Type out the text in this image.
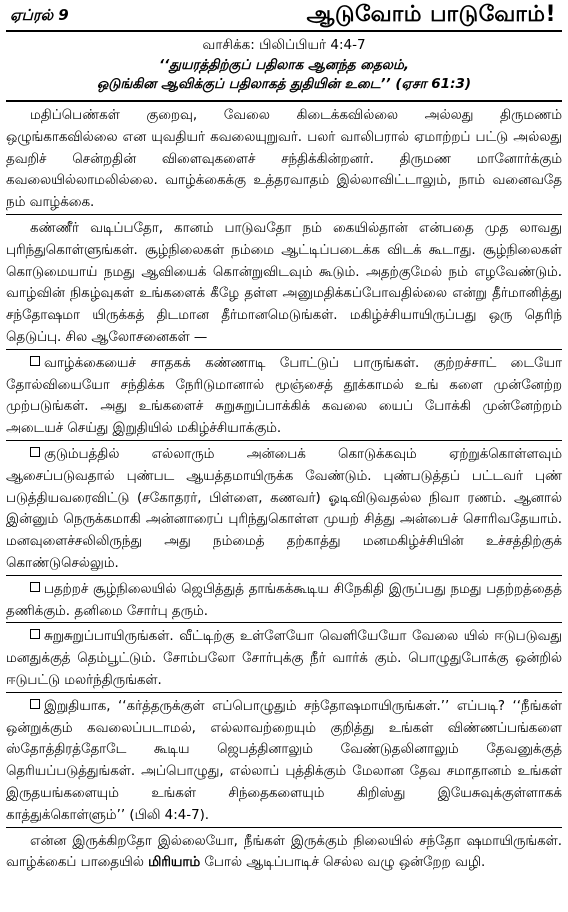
ஏப்ரல் 9	ஆடுவோம் பாடுவோம்!
வாசிக்க: பிலிப்பியர் 4:4-7
‘‘துயரத்திற்குப் பதிலாக ஆனந்த தைலம்,
ஒடுங்கின ஆவிக்குப் பதிலாகத் துதியின் உடை’’ (ஏசா 61:3)

மதிப்பெண்கள் குறைவு, வேலை கிடைக்கவில்லை அல்லது திருமணம் ஒழுங்காகவில்லை என யுவதியர் கவலையுறுவர். பலர் வாலிபரால் ஏமாற்றப் பட்டு அல்லது தவறிச் சென்றதின் விளைவுகளைச் சந்திக்கின்றனர். திருமண மானோர்க்கும் கவலையில்லாமலில்லை. வாழ்க்கைக்கு உத்தரவாதம் இல்லாவிட்டாலும், நாம் வனைவதே நம் வாழ்க்கை.

கண்ணீர் வடிப்பதோ, கானம் பாடுவதோ நம் கையில்தான் என்பதை முத லாவது புரிந்துகொள்ளுங்கள். சூழ்நிலைகள் நம்மை ஆட்டிப்படைக்க விடக் கூடாது. சூழ்நிலைகள் கொடுமையாய் நமது ஆவியைக் கொன்றுவிடவும் கூடும். அதற்குமேல் நம் எழவேண்டும். வாழ்வின் நிகழ்வுகள் உங்களைக் கீழே தள்ள அனுமதிக்கப்போவதில்லை என்று தீர்மானித்து சந்தோஷமா யிருக்கத் திடமான தீர்மானமெடுங்கள். மகிழ்ச்சியாயிருப்பது ஒரு தெரிந் தெடுப்பு. சில ஆலோசனைகள் —

வாழ்க்கையைச் சாதகக் கண்ணாடி போட்டுப் பாருங்கள். குற்றச்சாட் டையோ தோல்வியையோ சந்திக்க நேரிடுமானால் மூஞ்சைத் தூக்காமல் உங் களை முன்னேற்ற முற்படுங்கள். அது உங்களைச் சுறுசுறுப்பாக்கிக் கவலை யைப் போக்கி முன்னேற்றம் அடையச் செய்து இறுதியில் மகிழ்ச்சியாக்கும்.

குடும்பத்தில் எல்லாரும் அன்பைக் கொடுக்கவும் ஏற்றுக்கொள்ளவும் ஆசைப்படுவதால் புண்பட ஆயத்தமாயிருக்க வேண்டும். புண்படுத்தப் பட்டவர் புண் படுத்தியவரைவிட்டு (சகோதரர், பிள்ளை, கணவர்) ஓடிவிடுவதல்ல நிவா ரணம். ஆனால் இன்னும் நெருக்கமாகி அன்னாரைப் புரிந்துகொள்ள முயற் சித்து அன்பைச் சொரிவதேயாம். மனவுளைச்சலிலிருந்து அது நம்மைத் தற்காத்து மனமகிழ்ச்சியின் உச்சத்திற்குக் கொண்டுசெல்லும்.

பதற்றச் சூழ்நிலையில் ஜெபித்துத் தாங்கக்கூடிய சிநேகிதி இருப்பது நமது பதற்றத்தைத் தணிக்கும். தனிமை சோர்பு தரும்.

சுறுசுறுப்பாயிருங்கள். வீட்டிற்கு உள்ளேயோ வெளியேயோ வேலை யில் ஈடுபடுவது மனதுக்குத் தெம்பூட்டும். சோம்பலோ சோர்புக்கு நீர் வார்க் கும். பொழுதுபோக்கு ஒன்றில் ஈடுபட்டு மலர்ந்திருங்கள்.

இறுதியாக, ‘‘கர்த்தருக்குள் எப்பொழுதும் சந்தோஷமாயிருங்கள்.’’ எப்படி? ‘‘நீங்கள் ஒன்றுக்கும் கவலைப்படாமல், எல்லாவற்றையும் குறித்து உங்கள் விண்ணப்பங்களை ஸ்தோத்திரத்தோடே கூடிய ஜெபத்தினாலும் வேண்டுதலினாலும் தேவனுக்குத் தெரியப்படுத்துங்கள். அப்பொழுது, எல்லாப் புத்திக்கும் மேலான தேவ சமாதானம் உங்கள் இருதயங்களையும் உங்கள் சிந்தைகளையும் கிறிஸ்து இயேசுவுக்குள்ளாகக் காத்துக்கொள்ளும்’’ (பிலி 4:4-7).

என்ன இருக்கிறதோ இல்லையோ, நீங்கள் இருக்கும் நிலையில் சந்தோ ஷமாயிருங்கள். வாழ்க்கைப் பாதையில் மிரியாம் போல் ஆடிப்பாடிச் செல்ல வழு ஒன்றேற வழி.
